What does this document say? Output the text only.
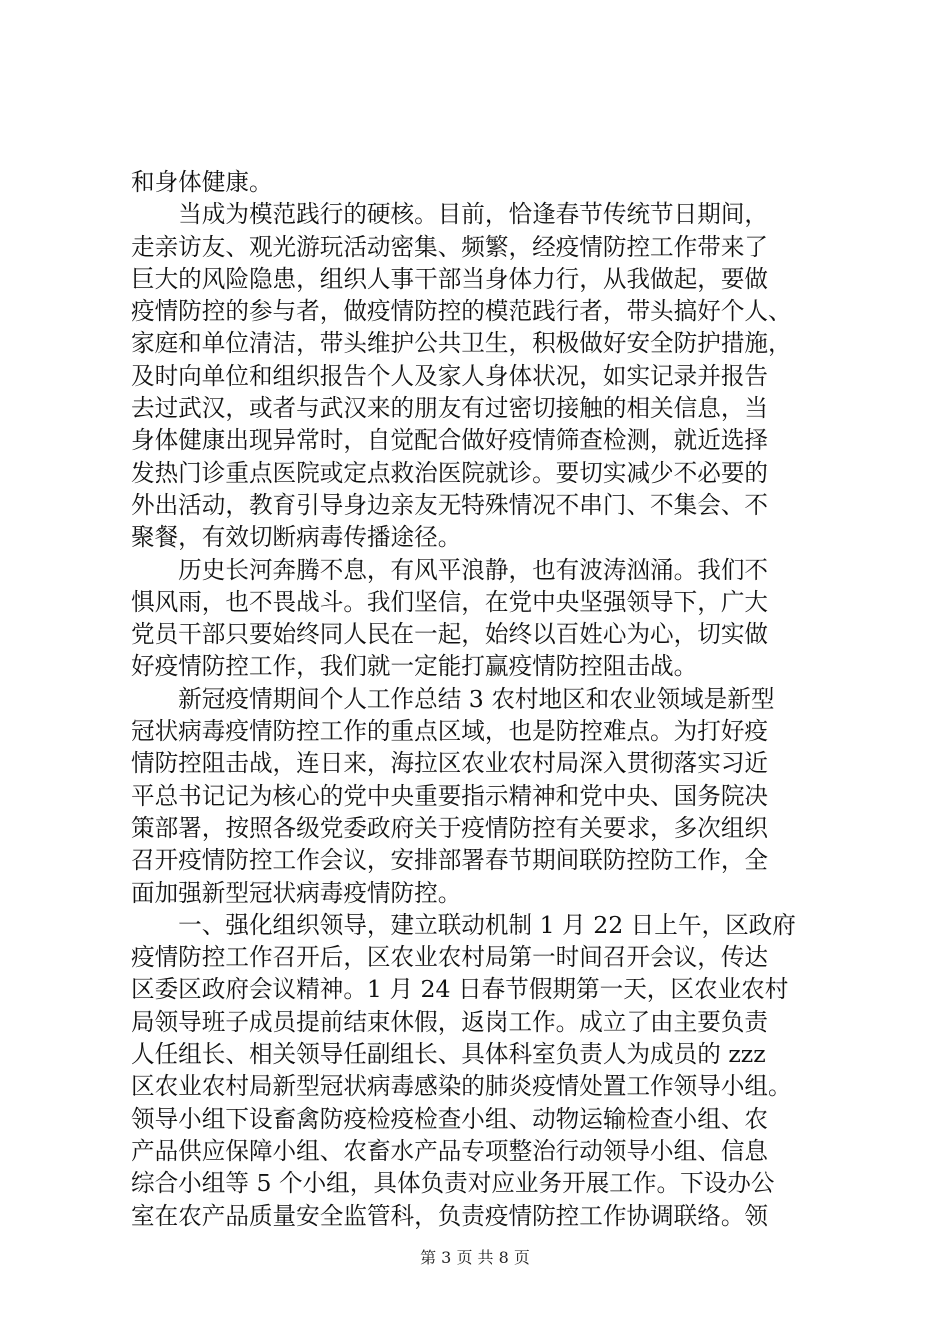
和身体健康。
　　当成为模范践行的硬核。目前，恰逢春节传统节日期间，
走亲访友、观光游玩活动密集、频繁，经疫情防控工作带来了
巨大的风险隐患，组织人事干部当身体力行，从我做起，要做
疫情防控的参与者，做疫情防控的模范践行者，带头搞好个人、
家庭和单位清洁，带头维护公共卫生，积极做好安全防护措施，
及时向单位和组织报告个人及家人身体状况，如实记录并报告
去过武汉，或者与武汉来的朋友有过密切接触的相关信息，当
身体健康出现异常时，自觉配合做好疫情筛查检测，就近选择
发热门诊重点医院或定点救治医院就诊。要切实减少不必要的
外出活动，教育引导身边亲友无特殊情况不串门、不集会、不
聚餐，有效切断病毒传播途径。
　　历史长河奔腾不息，有风平浪静，也有波涛汹涌。我们不
惧风雨，也不畏战斗。我们坚信，在党中央坚强领导下，广大
党员干部只要始终同人民在一起，始终以百姓心为心，切实做
好疫情防控工作，我们就一定能打赢疫情防控阻击战。
　　新冠疫情期间个人工作总结 3 农村地区和农业领域是新型
冠状病毒疫情防控工作的重点区域，也是防控难点。为打好疫
情防控阻击战，连日来，海拉区农业农村局深入贯彻落实习近
平总书记记为核心的党中央重要指示精神和党中央、国务院决
策部署，按照各级党委政府关于疫情防控有关要求，多次组织
召开疫情防控工作会议，安排部署春节期间联防控防工作，全
面加强新型冠状病毒疫情防控。
　　一、强化组织领导，建立联动机制 1 月 22 日上午，区政府
疫情防控工作召开后，区农业农村局第一时间召开会议，传达
区委区政府会议精神。1 月 24 日春节假期第一天，区农业农村
局领导班子成员提前结束休假，返岗工作。成立了由主要负责
人任组长、相关领导任副组长、具体科室负责人为成员的 zzz
区农业农村局新型冠状病毒感染的肺炎疫情处置工作领导小组。
领导小组下设畜禽防疫检疫检查小组、动物运输检查小组、农
产品供应保障小组、农畜水产品专项整治行动领导小组、信息
综合小组等 5 个小组，具体负责对应业务开展工作。下设办公
室在农产品质量安全监管科，负责疫情防控工作协调联络。领
第 3 页 共 8 页
